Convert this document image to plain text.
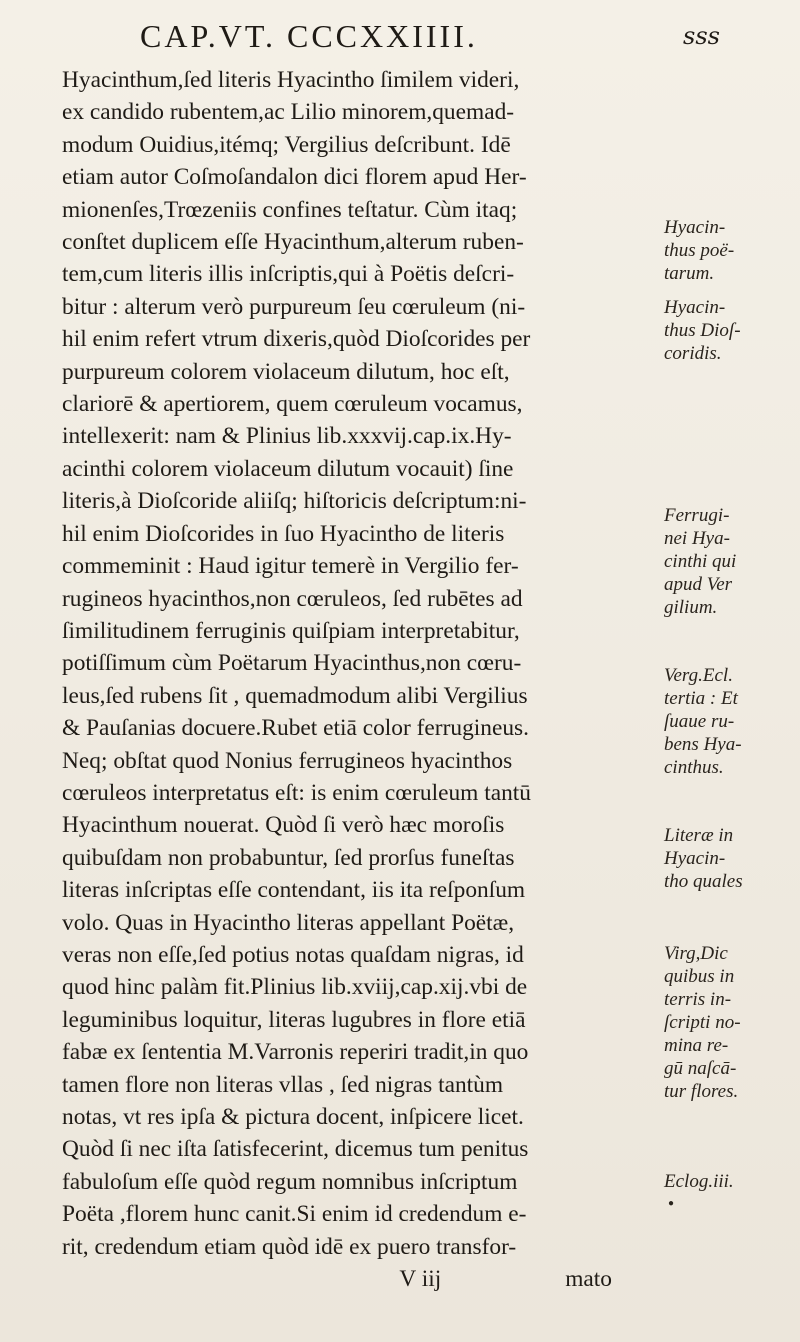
CAP.VT. CCCXXIIII.	sss
Hyacinthum,ſed literis Hyacintho ſimilem videri,
ex candido rubentem,ac Lilio minorem,quemad-
modum Ouidius,itémq; Vergilius deſcribunt. Idē
etiam autor Coſmoſandalon dici florem apud Her-
mionenſes,Trœzeniis confines teſtatur. Cùm itaq;
conſtet duplicem eſſe Hyacinthum,alterum ruben-
tem,cum literis illis inſcriptis,qui à Poëtis deſcri-
bitur : alterum verò purpureum ſeu cœruleum (ni-
hil enim refert vtrum dixeris,quòd Dioſcorides per
purpureum colorem violaceum dilutum, hoc eſt,
clariorē & apertiorem, quem cœruleum vocamus,
intellexerit: nam & Plinius lib.xxxvij.cap.ix.Hy-
acinthi colorem violaceum dilutum vocauit) ſine
literis,à Dioſcoride aliiſq; hiſtoricis deſcriptum:ni-
hil enim Dioſcorides in ſuo Hyacintho de literis
commeminit : Haud igitur temerè in Vergilio fer-
rugineos hyacinthos,non cœruleos, ſed rubētes ad
ſimilitudinem ferruginis quiſpiam interpretabitur,
potiſſimum cùm Poëtarum Hyacinthus,non cœru-
leus,ſed rubens ſit , quemadmodum alibi Vergilius
& Pauſanias docuere.Rubet etiā color ferrugineus.
Neq; obſtat quod Nonius ferrugineos hyacinthos
cœruleos interpretatus eſt: is enim cœruleum tantū
Hyacinthum nouerat. Quòd ſi verò hæc moroſis
quibuſdam non probabuntur, ſed prorſus funeſtas
literas inſcriptas eſſe contendant, iis ita reſponſum
volo. Quas in Hyacintho literas appellant Poëtæ,
veras non eſſe,ſed potius notas quaſdam nigras, id
quod hinc palàm fit.Plinius lib.xviij,cap.xij.vbi de
leguminibus loquitur, literas lugubres in flore etiā
fabæ ex ſententia M.Varronis reperiri tradit,in quo
tamen flore non literas vllas , ſed nigras tantùm
notas, vt res ipſa & pictura docent, inſpicere licet.
Quòd ſi nec iſta ſatisfecerint, dicemus tum penitus
fabuloſum eſſe quòd regum nomnibus inſcriptum
Poëta ,florem hunc canit.Si enim id credendum e-
rit, credendum etiam quòd idē ex puero transfor-
V iij	mato
Hyacin-
thus poë-
tarum.
Hyacin-
thus Dioſ-
coridis.
Ferrugi-
nei Hya-
cinthi qui
apud Ver
gilium.
Verg.Ecl.
tertia : Et
ſuaue ru-
bens Hya-
cinthus.
Literæ in
Hyacin-
tho quales
Virg,Dic
quibus in
terris in-
ſcripti no-
mina re-
gū naſcā-
tur flores.
Eclog.iii.
●
